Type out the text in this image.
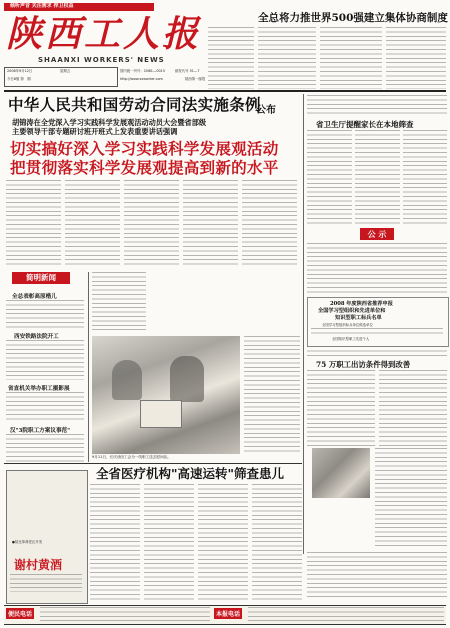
倾听声音 关注需求 捍卫权益
陕西工人报
SHAANXI WORKERS' NEWS
2008年9月12日	星期五
今日8版 第　期
国内统一刊号：CN61—0015	邮发代号 51—7
http://www.sxworker.com	陕西第一邮报
全总将力推世界500强建立集体协商制度
中华人民共和国劳动合同法实施条例
公布
胡锦涛在全党深入学习实践科学发展观活动动员大会暨省部级
主要领导干部专题研讨班开班式上发表重要讲话强调
切实搞好深入学习实践科学发展观活动
把贯彻落实科学发展观提高到新的水平
省卫生厅提醒家长在本地筛查
公 示
2008 年度陕西省推荐申报
全国学习型组织和先进单位和
知识型职工标兵名单
全国学习型组织标兵单位候选单位
全国知识型职工先进个人
75 万职工出访条件得到改善
简明新闻
全总表彰高原楷儿
西安铁路法院开工
省直机关举办职工摄影展
汉"3院职工方案议事范"
9月11日，长庆油田工会为一线职工送去慰问品。
全省医疗机构"高速运转"筛查患儿
●陕北革命老区开发
谢村黄酒
便民电话	本报电话
